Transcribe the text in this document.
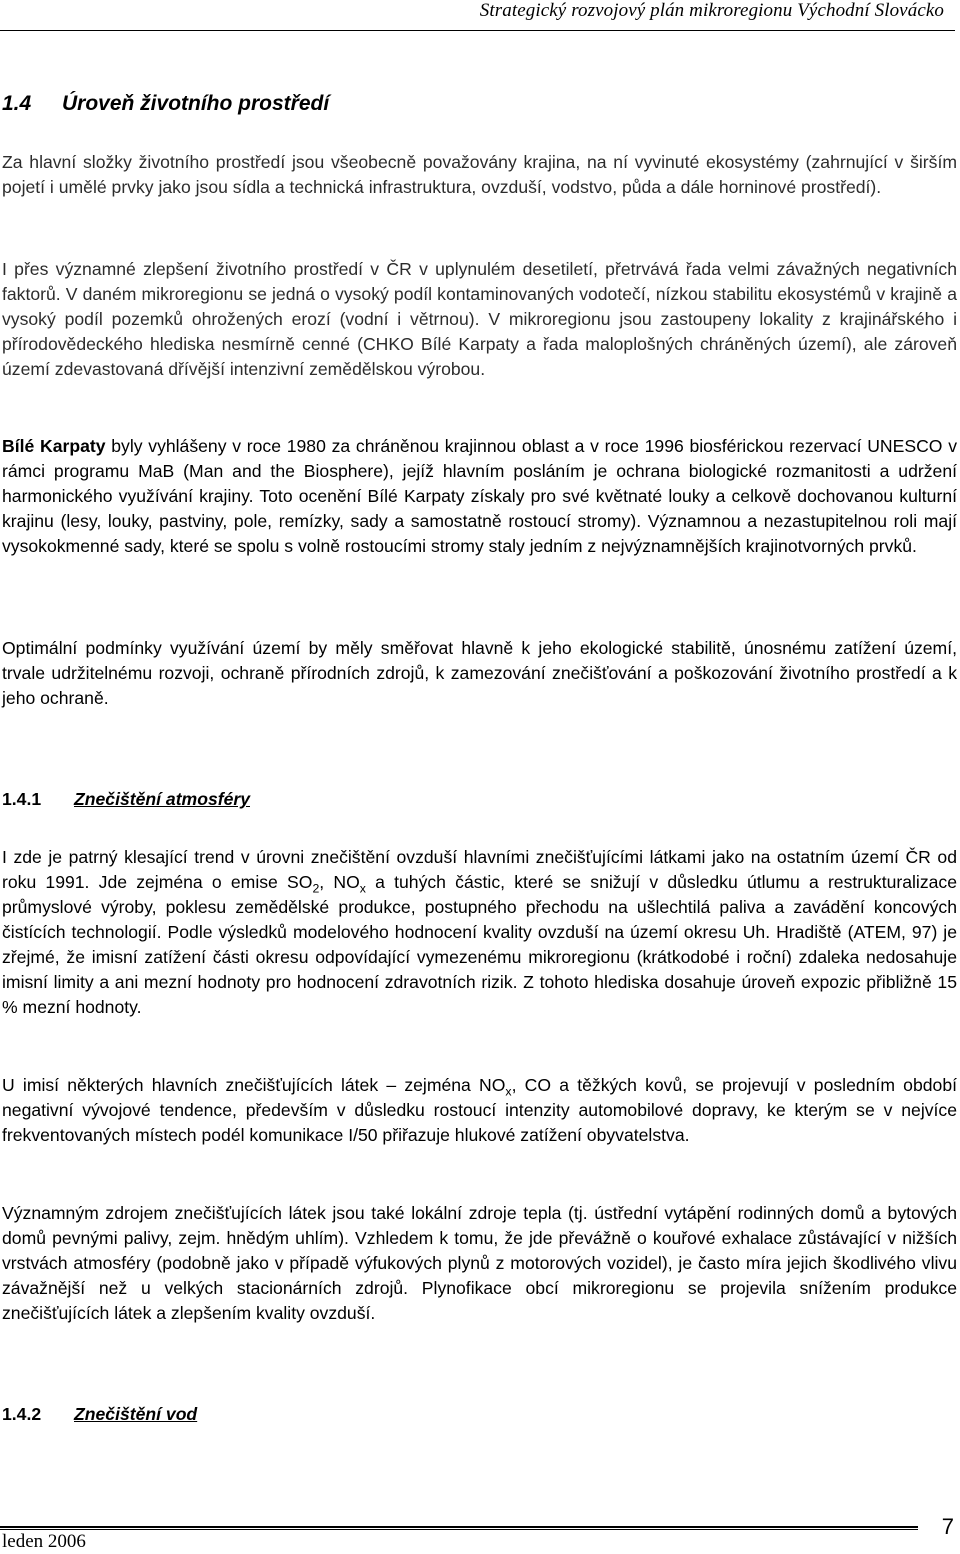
Strategický rozvojový plán mikroregionu Východní Slovácko
1.4 Úroveň životního prostředí
Za hlavní složky životního prostředí jsou všeobecně považovány krajina, na ní vyvinuté ekosystémy (zahrnující v širším pojetí i umělé prvky jako jsou sídla a technická infrastruktura, ovzduší, vodstvo, půda a dále horninové prostředí).
I přes významné zlepšení životního prostředí v ČR v uplynulém desetiletí, přetrvává řada velmi závažných negativních faktorů. V daném mikroregionu se jedná o vysoký podíl kontaminovaných vodotečí, nízkou stabilitu ekosystémů v krajině a vysoký podíl pozemků ohrožených erozí (vodní i větrnou). V mikroregionu jsou zastoupeny lokality z krajinářského i přírodovědeckého hlediska nesmírně cenné (CHKO Bílé Karpaty a řada maloplošných chráněných území), ale zároveň území zdevastovaná dřívější intenzivní zemědělskou výrobou.
Bílé Karpaty byly vyhlášeny v roce 1980 za chráněnou krajinnou oblast a v roce 1996 biosférickou rezervací UNESCO v rámci programu MaB (Man and the Biosphere), jejíž hlavním posláním je ochrana biologické rozmanitosti a udržení harmonického využívání krajiny. Toto ocenění Bílé Karpaty získaly pro své květnaté louky a celkově dochovanou kulturní krajinu (lesy, louky, pastviny, pole, remízky, sady a samostatně rostoucí stromy). Významnou a nezastupitelnou roli mají vysokokmenné sady, které se spolu s volně rostoucími stromy staly jedním z nejvýznamnějších krajinotvorných prvků.
Optimální podmínky využívání území by měly směřovat hlavně k jeho ekologické stabilitě, únosnému zatížení území, trvale udržitelnému rozvoji, ochraně přírodních zdrojů, k zamezování znečišťování a poškozování životního prostředí a k jeho ochraně.
1.4.1 Znečištění atmosféry
I zde je patrný klesající trend v úrovni znečištění ovzduší hlavními znečišťujícími látkami jako na ostatním území ČR od roku 1991. Jde zejména o emise $SO_2$, $NO_x$ a tuhých částic, které se snižují v důsledku útlumu a restrukturalizace průmyslové výroby, poklesu zemědělské produkce, postupného přechodu na ušlechtilá paliva a zavádění koncových čistících technologií. Podle výsledků modelového hodnocení kvality ovzduší na území okresu Uh. Hradiště (ATEM, 97) je zřejmé, že imisní zatížení části okresu odpovídající vymezenému mikroregionu (krátkodobé i roční) zdaleka nedosahuje imisní limity a ani mezní hodnoty pro hodnocení zdravotních rizik. Z tohoto hlediska dosahuje úroveň expozic přibližně 15 % mezní hodnoty.
U imisí některých hlavních znečišťujících látek – zejména $NO_x$, CO a těžkých kovů, se projevují v posledním období negativní vývojové tendence, především v důsledku rostoucí intenzity automobilové dopravy, ke kterým se v nejvíce frekventovaných místech podél komunikace I/50 přiřazuje hlukové zatížení obyvatelstva.
Významným zdrojem znečišťujících látek jsou také lokální zdroje tepla (tj. ústřední vytápění rodinných domů a bytových domů pevnými palivy, zejm. hnědým uhlím). Vzhledem k tomu, že jde převážně o kouřové exhalace zůstávající v nižších vrstvách atmosféry (podobně jako v případě výfukových plynů z motorových vozidel), je často míra jejich škodlivého vlivu závažnější než u velkých stacionárních zdrojů. Plynofikace obcí mikroregionu se projevila snížením produkce znečišťujících látek a zlepšením kvality ovzduší.
1.4.2 Znečištění vod
leden 2006
7
